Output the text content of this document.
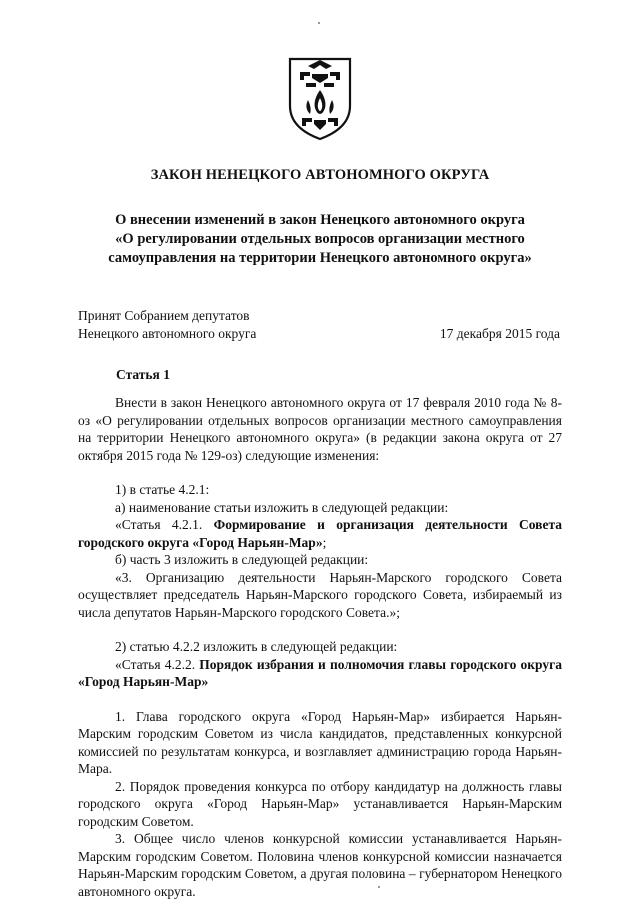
ЗАКОН НЕНЕЦКОГО АВТОНОМНОГО ОКРУГА
О внесении изменений в закон Ненецкого автономного округа
«О регулировании отдельных вопросов организации местного
самоуправления на территории Ненецкого автономного округа»
Принят Собранием депутатов
Ненецкого автономного округа	17 декабря 2015 года
Статья 1

Внести в закон Ненецкого автономного округа от 17 февраля 2010 года № 8-оз «О регулировании отдельных вопросов организации местного самоуправления на территории Ненецкого автономного округа» (в редакции закона округа от 27 октября 2015 года № 129-оз) следующие изменения:

1) в статье 4.2.1:

а) наименование статьи изложить в следующей редакции:

«Статья 4.2.1. Формирование и организация деятельности Совета городского округа «Город Нарьян-Мар»;

б) часть 3 изложить в следующей редакции:

«3. Организацию деятельности Нарьян-Марского городского Совета осуществляет председатель Нарьян-Марского городского Совета, избираемый из числа депутатов Нарьян-Марского городского Совета.»;

2) статью 4.2.2 изложить в следующей редакции:

«Статья 4.2.2. Порядок избрания и полномочия главы городского округа «Город Нарьян-Мар»

1. Глава городского округа «Город Нарьян-Мар» избирается Нарьян-Марским городским Советом из числа кандидатов, представленных конкурсной комиссией по результатам конкурса, и возглавляет администрацию города Нарьян-Мара.

2. Порядок проведения конкурса по отбору кандидатур на должность главы городского округа «Город Нарьян-Мар» устанавливается Нарьян-Марским городским Советом.

3. Общее число членов конкурсной комиссии устанавливается Нарьян-Марским городским Советом. Половина членов конкурсной комиссии назначается Нарьян-Марским городским Советом, а другая половина – губернатором Ненецкого автономного округа.
